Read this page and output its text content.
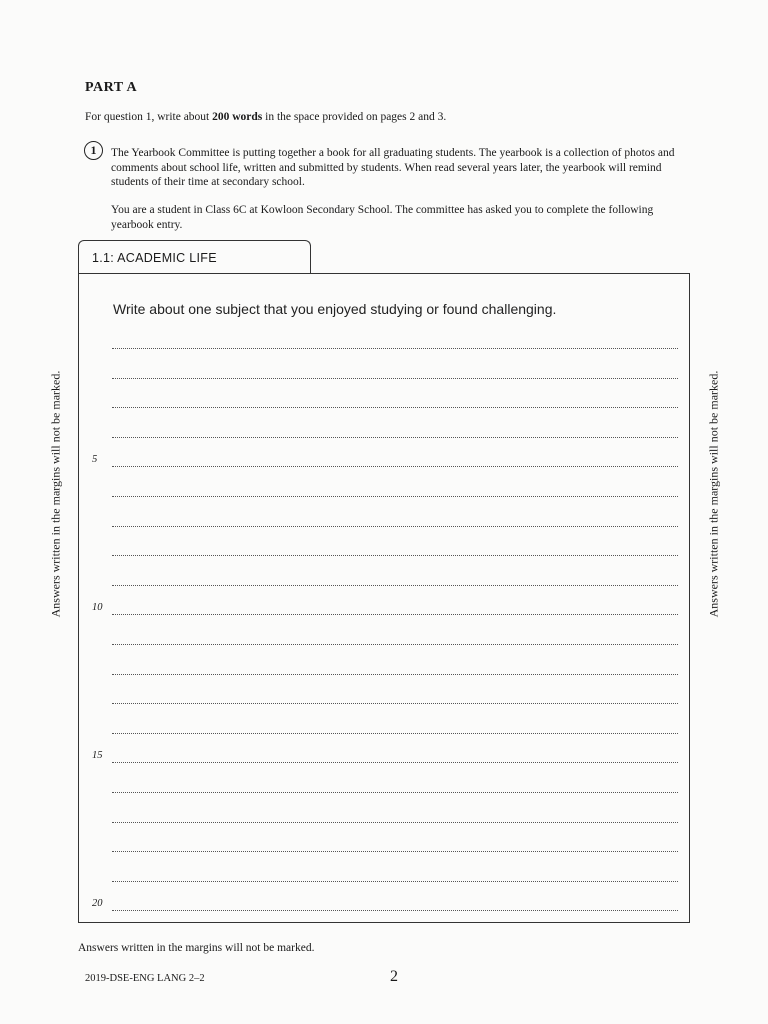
PART A
For question 1, write about 200 words in the space provided on pages 2 and 3.
1	The Yearbook Committee is putting together a book for all graduating students. The yearbook is a collection of photos and comments about school life, written and submitted by students. When read several years later, the yearbook will remind students of their time at secondary school.
You are a student in Class 6C at Kowloon Secondary School. The committee has asked you to complete the following yearbook entry.
1.1: ACADEMIC LIFE
Write about one subject that you enjoyed studying or found challenging.
5
10
15
20
Answers written in the margins will not be marked.	Answers written in the margins will not be marked.
Answers written in the margins will not be marked.
2019-DSE-ENG LANG 2–2	2
